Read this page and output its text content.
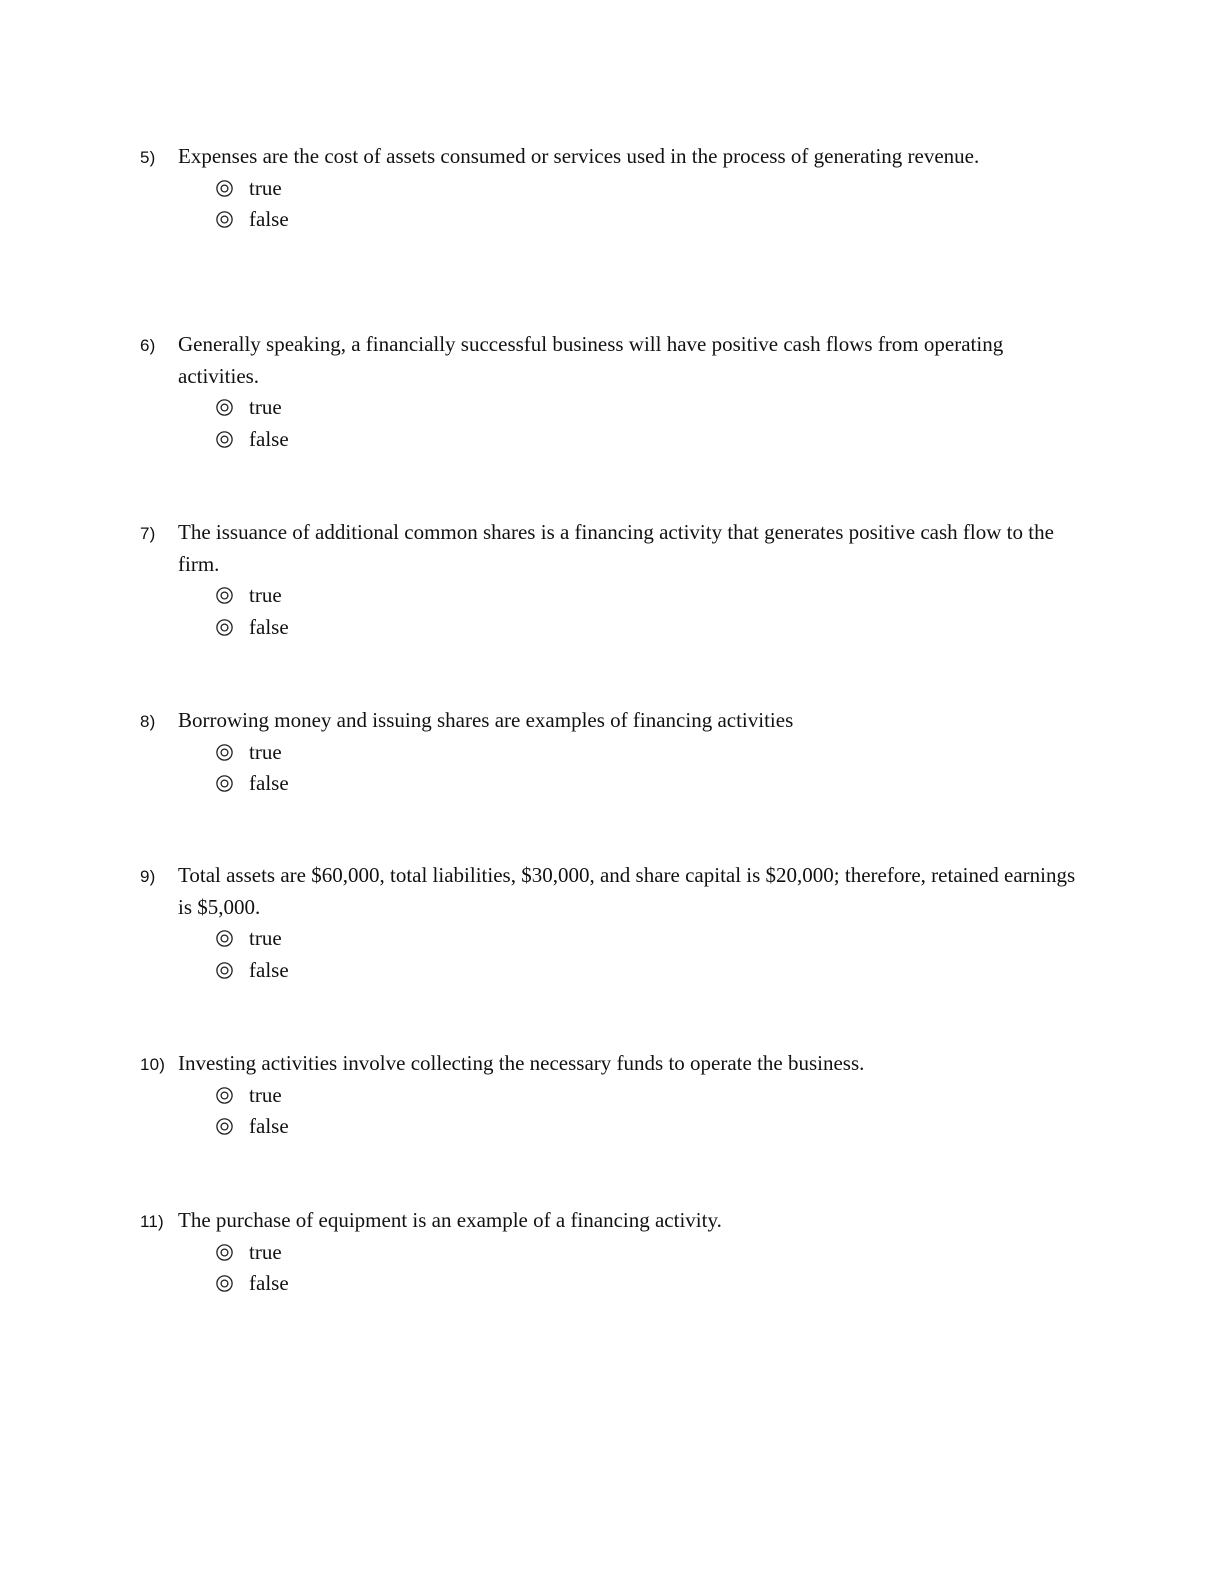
5) Expenses are the cost of assets consumed or services used in the process of generating revenue.
true
false
6) Generally speaking, a financially successful business will have positive cash flows from operating activities.
true
false
7) The issuance of additional common shares is a financing activity that generates positive cash flow to the firm.
true
false
8) Borrowing money and issuing shares are examples of financing activities
true
false
9) Total assets are $60,000, total liabilities, $30,000, and share capital is $20,000; therefore, retained earnings is $5,000.
true
false
10) Investing activities involve collecting the necessary funds to operate the business.
true
false
11) The purchase of equipment is an example of a financing activity.
true
false
